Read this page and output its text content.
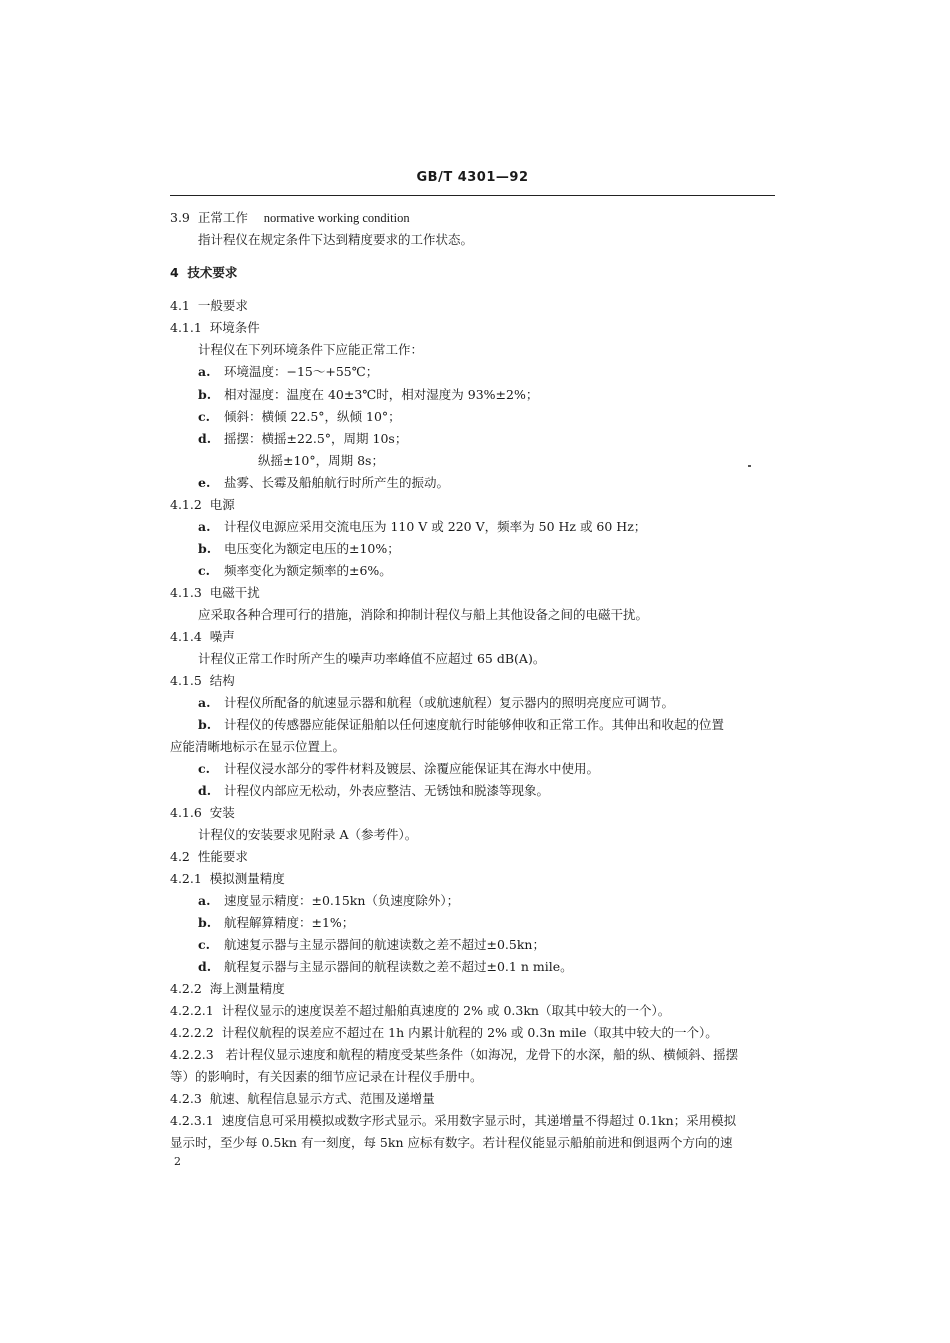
GB/T 4301—92
3.9 正常工作 normative working condition
指计程仪在规定条件下达到精度要求的工作状态。
4 技术要求
4.1 一般要求
4.1.1 环境条件
计程仪在下列环境条件下应能正常工作：
a. 环境温度：−15～+55℃；
b. 相对湿度：温度在 40±3℃时，相对湿度为 93%±2%；
c. 倾斜：横倾 22.5°，纵倾 10°；
d. 摇摆：横摇±22.5°，周期 10s；
纵摇±10°，周期 8s；
e. 盐雾、长霉及船舶航行时所产生的振动。
4.1.2 电源
a. 计程仪电源应采用交流电压为 110 V 或 220 V，频率为 50 Hz 或 60 Hz；
b. 电压变化为额定电压的±10%；
c. 频率变化为额定频率的±6%。
4.1.3 电磁干扰
应采取各种合理可行的措施，消除和抑制计程仪与船上其他设备之间的电磁干扰。
4.1.4 噪声
计程仪正常工作时所产生的噪声功率峰值不应超过 65 dB(A)。
4.1.5 结构
a. 计程仪所配备的航速显示器和航程（或航速航程）复示器内的照明亮度应可调节。
b. 计程仪的传感器应能保证船舶以任何速度航行时能够伸收和正常工作。其伸出和收起的位置
应能清晰地标示在显示位置上。
c. 计程仪浸水部分的零件材料及镀层、涂覆应能保证其在海水中使用。
d. 计程仪内部应无松动，外表应整洁、无锈蚀和脱漆等现象。
4.1.6 安装
计程仪的安装要求见附录 A（参考件）。
4.2 性能要求
4.2.1 模拟测量精度
a. 速度显示精度：±0.15kn（负速度除外）；
b. 航程解算精度：±1%；
c. 航速复示器与主显示器间的航速读数之差不超过±0.5kn；
d. 航程复示器与主显示器间的航程读数之差不超过±0.1 n mile。
4.2.2 海上测量精度
4.2.2.1 计程仪显示的速度误差不超过船舶真速度的 2% 或 0.3kn（取其中较大的一个）。
4.2.2.2 计程仪航程的误差应不超过在 1h 内累计航程的 2% 或 0.3n mile（取其中较大的一个）。
4.2.2.3 若计程仪显示速度和航程的精度受某些条件（如海况，龙骨下的水深，船的纵、横倾斜、摇摆
等）的影响时，有关因素的细节应记录在计程仪手册中。
4.2.3 航速、航程信息显示方式、范围及递增量
4.2.3.1 速度信息可采用模拟或数字形式显示。采用数字显示时，其递增量不得超过 0.1kn；采用模拟
显示时，至少每 0.5kn 有一刻度，每 5kn 应标有数字。若计程仪能显示船舶前进和倒退两个方向的速
2
